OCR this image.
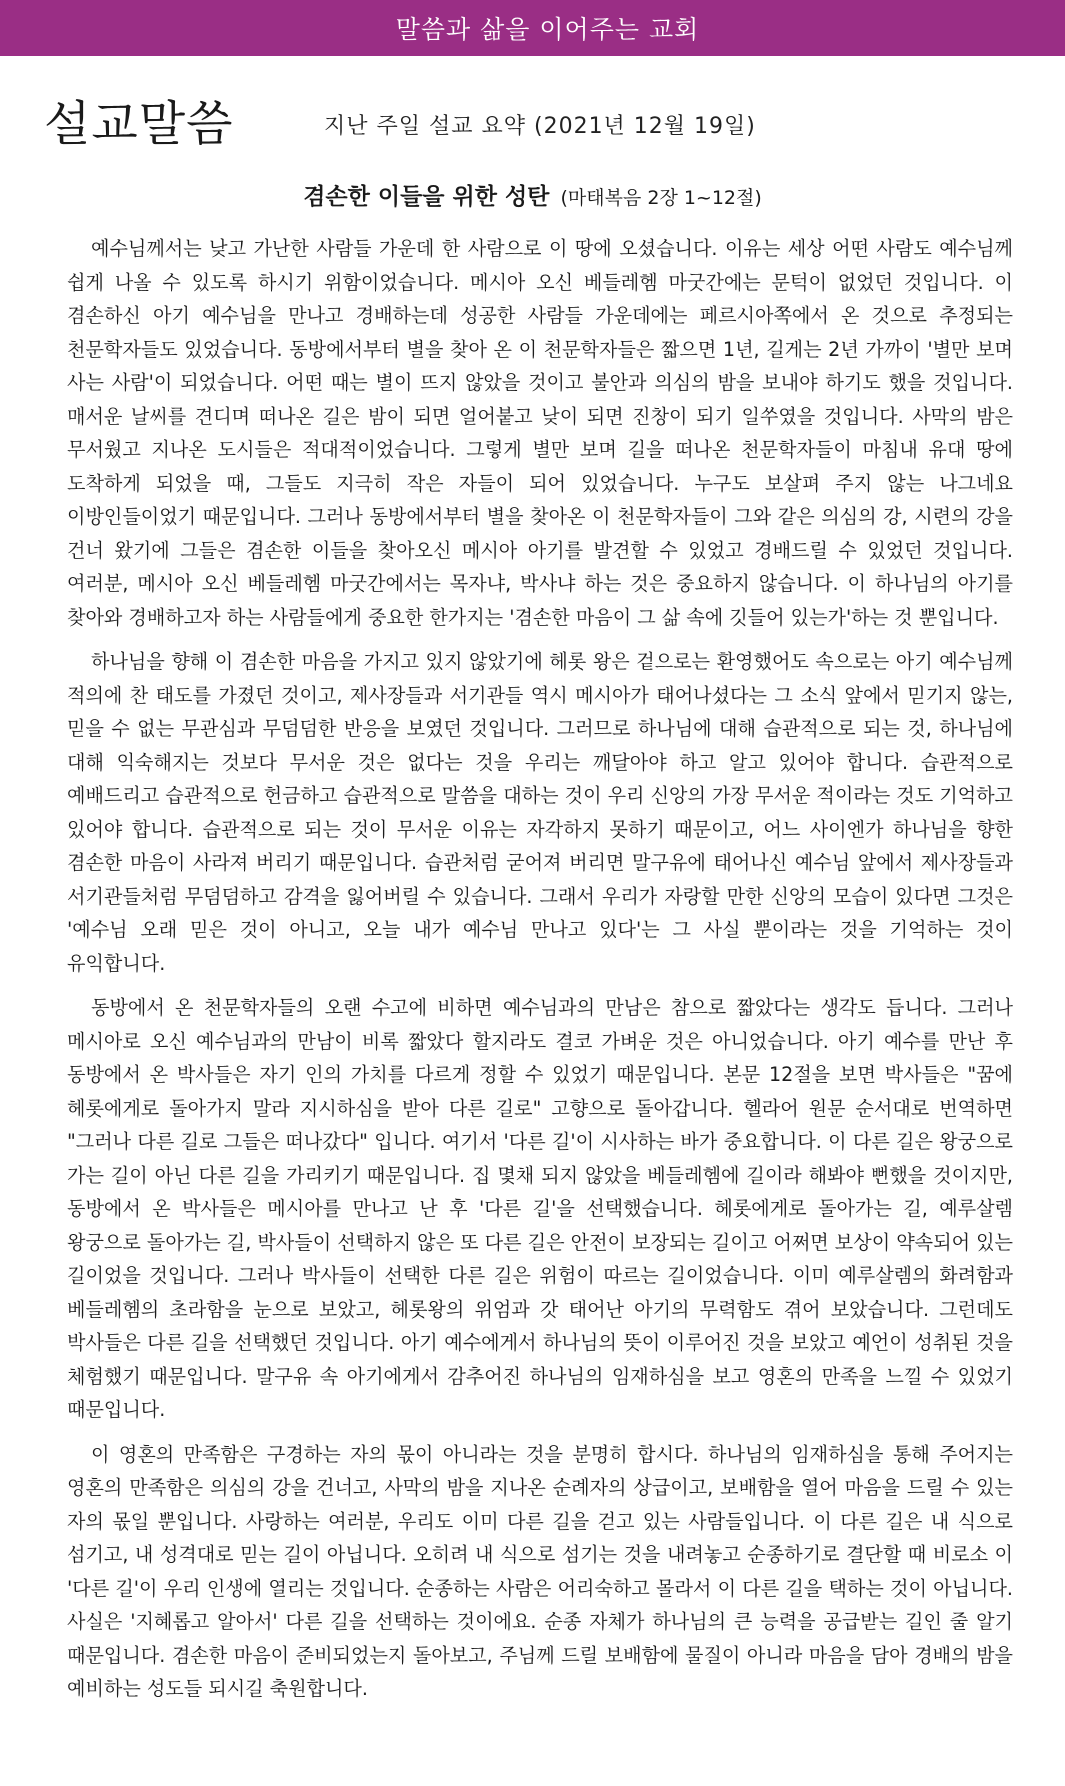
말씀과 삶을 이어주는 교회
설교말씀	지난 주일 설교 요약 (2021년 12월 19일)
겸손한 이들을 위한 성탄 (마태복음 2장 1~12절)

예수님께서는 낮고 가난한 사람들 가운데 한 사람으로 이 땅에 오셨습니다. 이유는 세상 어떤 사람도 예수님께 쉽게 나올 수 있도록 하시기 위함이었습니다. 메시아 오신 베들레헴 마굿간에는 문턱이 없었던 것입니다. 이 겸손하신 아기 예수님을 만나고 경배하는데 성공한 사람들 가운데에는 페르시아쪽에서 온 것으로 추정되는 천문학자들도 있었습니다. 동방에서부터 별을 찾아 온 이 천문학자들은 짧으면 1년, 길게는 2년 가까이 '별만 보며 사는 사람'이 되었습니다. 어떤 때는 별이 뜨지 않았을 것이고 불안과 의심의 밤을 보내야 하기도 했을 것입니다. 매서운 날씨를 견디며 떠나온 길은 밤이 되면 얼어붙고 낮이 되면 진창이 되기 일쑤였을 것입니다. 사막의 밤은 무서웠고 지나온 도시들은 적대적이었습니다. 그렇게 별만 보며 길을 떠나온 천문학자들이 마침내 유대 땅에 도착하게 되었을 때, 그들도 지극히 작은 자들이 되어 있었습니다. 누구도 보살펴 주지 않는 나그네요 이방인들이었기 때문입니다. 그러나 동방에서부터 별을 찾아온 이 천문학자들이 그와 같은 의심의 강, 시련의 강을 건너 왔기에 그들은 겸손한 이들을 찾아오신 메시아 아기를 발견할 수 있었고 경배드릴 수 있었던 것입니다. 여러분, 메시아 오신 베들레헴 마굿간에서는 목자냐, 박사냐 하는 것은 중요하지 않습니다. 이 하나님의 아기를 찾아와 경배하고자 하는 사람들에게 중요한 한가지는 '겸손한 마음이 그 삶 속에 깃들어 있는가'하는 것 뿐입니다.

하나님을 향해 이 겸손한 마음을 가지고 있지 않았기에 헤롯 왕은 겉으로는 환영했어도 속으로는 아기 예수님께 적의에 찬 태도를 가졌던 것이고, 제사장들과 서기관들 역시 메시아가 태어나셨다는 그 소식 앞에서 믿기지 않는, 믿을 수 없는 무관심과 무덤덤한 반응을 보였던 것입니다. 그러므로 하나님에 대해 습관적으로 되는 것, 하나님에 대해 익숙해지는 것보다 무서운 것은 없다는 것을 우리는 깨달아야 하고 알고 있어야 합니다. 습관적으로 예배드리고 습관적으로 헌금하고 습관적으로 말씀을 대하는 것이 우리 신앙의 가장 무서운 적이라는 것도 기억하고 있어야 합니다. 습관적으로 되는 것이 무서운 이유는 자각하지 못하기 때문이고, 어느 사이엔가 하나님을 향한 겸손한 마음이 사라져 버리기 때문입니다. 습관처럼 굳어져 버리면 말구유에 태어나신 예수님 앞에서 제사장들과 서기관들처럼 무덤덤하고 감격을 잃어버릴 수 있습니다. 그래서 우리가 자랑할 만한 신앙의 모습이 있다면 그것은 '예수님 오래 믿은 것이 아니고, 오늘 내가 예수님 만나고 있다'는 그 사실 뿐이라는 것을 기억하는 것이 유익합니다.

동방에서 온 천문학자들의 오랜 수고에 비하면 예수님과의 만남은 참으로 짧았다는 생각도 듭니다. 그러나 메시아로 오신 예수님과의 만남이 비록 짧았다 할지라도 결코 가벼운 것은 아니었습니다. 아기 예수를 만난 후 동방에서 온 박사들은 자기 인의 가치를 다르게 정할 수 있었기 때문입니다. 본문 12절을 보면 박사들은 "꿈에 헤롯에게로 돌아가지 말라 지시하심을 받아 다른 길로" 고향으로 돌아갑니다. 헬라어 원문 순서대로 번역하면 "그러나 다른 길로 그들은 떠나갔다" 입니다. 여기서 '다른 길'이 시사하는 바가 중요합니다. 이 다른 길은 왕궁으로 가는 길이 아닌 다른 길을 가리키기 때문입니다. 집 몇채 되지 않았을 베들레헴에 길이라 해봐야 뻔했을 것이지만, 동방에서 온 박사들은 메시아를 만나고 난 후 '다른 길'을 선택했습니다. 헤롯에게로 돌아가는 길, 예루살렘 왕궁으로 돌아가는 길, 박사들이 선택하지 않은 또 다른 길은 안전이 보장되는 길이고 어쩌면 보상이 약속되어 있는 길이었을 것입니다. 그러나 박사들이 선택한 다른 길은 위험이 따르는 길이었습니다. 이미 예루살렘의 화려함과 베들레헴의 초라함을 눈으로 보았고, 헤롯왕의 위엄과 갓 태어난 아기의 무력함도 겪어 보았습니다. 그런데도 박사들은 다른 길을 선택했던 것입니다. 아기 예수에게서 하나님의 뜻이 이루어진 것을 보았고 예언이 성취된 것을 체험했기 때문입니다. 말구유 속 아기에게서 감추어진 하나님의 임재하심을 보고 영혼의 만족을 느낄 수 있었기 때문입니다.

이 영혼의 만족함은 구경하는 자의 몫이 아니라는 것을 분명히 합시다. 하나님의 임재하심을 통해 주어지는 영혼의 만족함은 의심의 강을 건너고, 사막의 밤을 지나온 순례자의 상급이고, 보배함을 열어 마음을 드릴 수 있는 자의 몫일 뿐입니다. 사랑하는 여러분, 우리도 이미 다른 길을 걷고 있는 사람들입니다. 이 다른 길은 내 식으로 섬기고, 내 성격대로 믿는 길이 아닙니다. 오히려 내 식으로 섬기는 것을 내려놓고 순종하기로 결단할 때 비로소 이 '다른 길'이 우리 인생에 열리는 것입니다. 순종하는 사람은 어리숙하고 몰라서 이 다른 길을 택하는 것이 아닙니다. 사실은 '지혜롭고 알아서' 다른 길을 선택하는 것이에요. 순종 자체가 하나님의 큰 능력을 공급받는 길인 줄 알기 때문입니다. 겸손한 마음이 준비되었는지 돌아보고, 주님께 드릴 보배함에 물질이 아니라 마음을 담아 경배의 밤을 예비하는 성도들 되시길 축원합니다.
